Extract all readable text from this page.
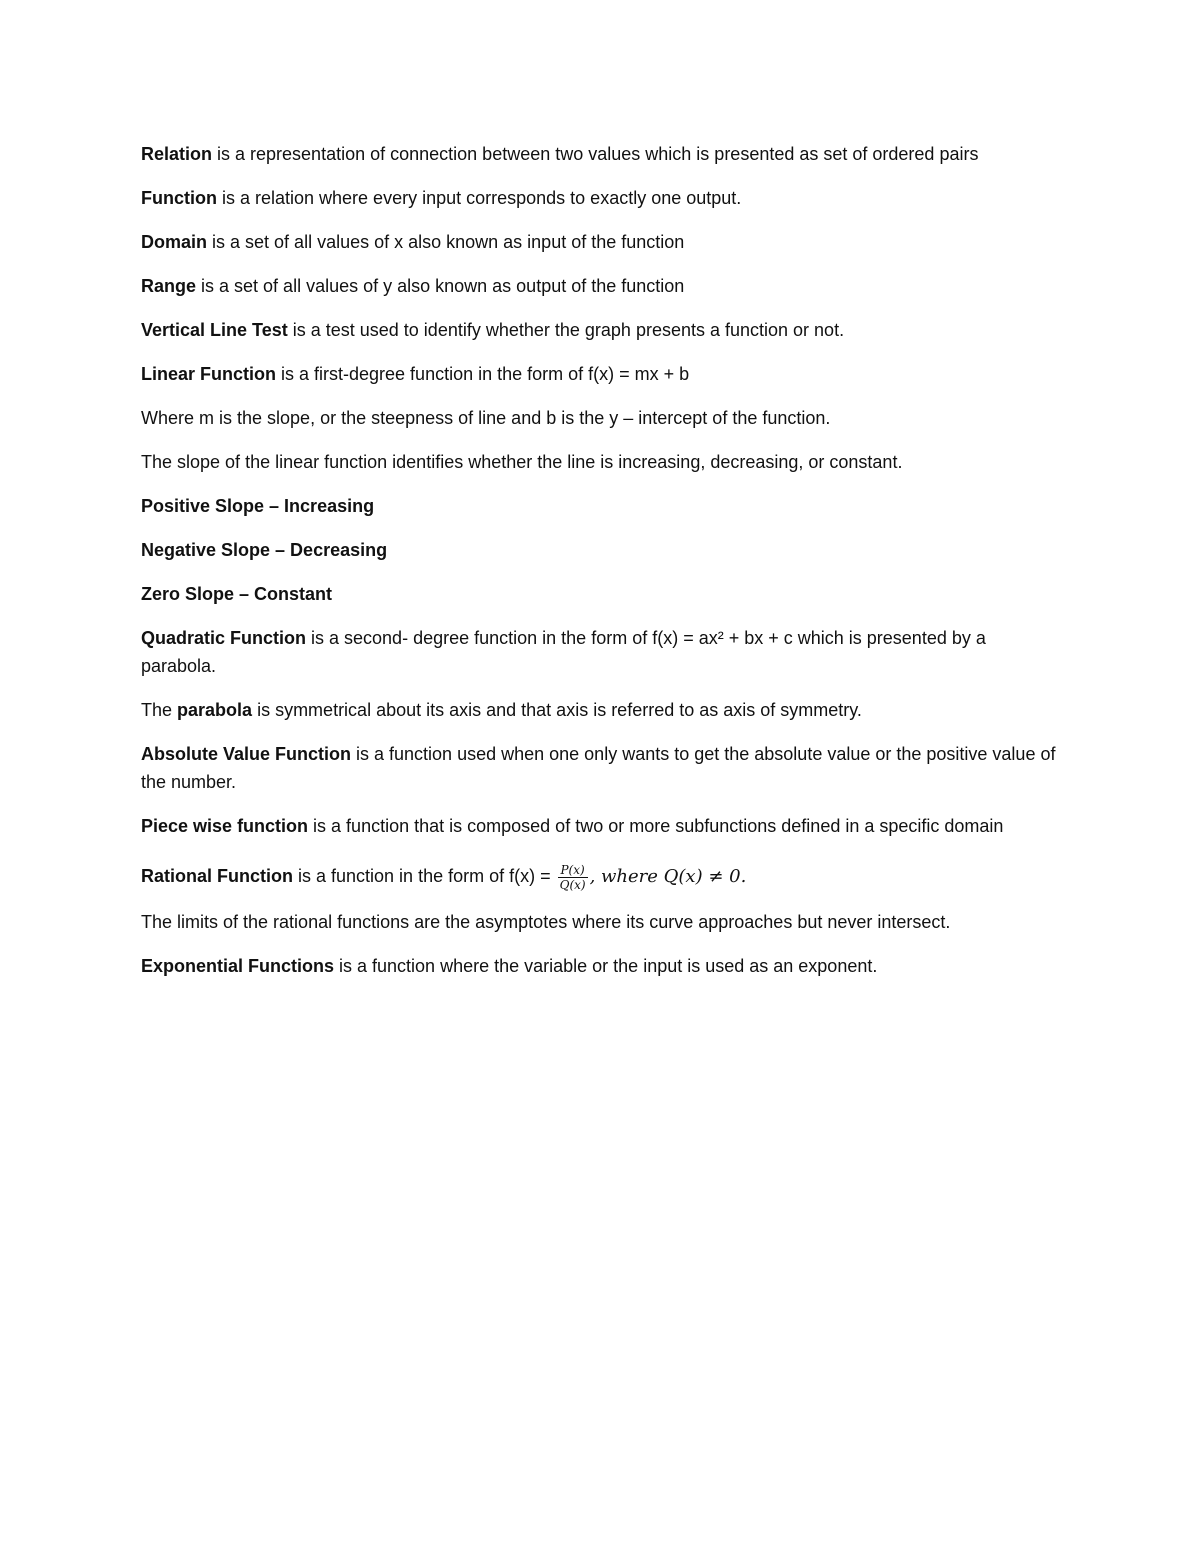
Relation is a representation of connection between two values which is presented as set of ordered pairs

Function is a relation where every input corresponds to exactly one output.

Domain is a set of all values of x also known as input of the function

Range is a set of all values of y also known as output of the function

Vertical Line Test is a test used to identify whether the graph presents a function or not.

Linear Function is a first-degree function in the form of f(x) = mx + b

Where m is the slope, or the steepness of line and b is the y – intercept of the function.

The slope of the linear function identifies whether the line is increasing, decreasing, or constant.

Positive Slope – Increasing

Negative Slope – Decreasing

Zero Slope – Constant

Quadratic Function is a second- degree function in the form of f(x) = ax² + bx + c which is presented by a parabola.

The parabola is symmetrical about its axis and that axis is referred to as axis of symmetry.

Absolute Value Function is a function used when one only wants to get the absolute value or the positive value of the number.

Piece wise function is a function that is composed of two or more subfunctions defined in a specific domain

Rational Function is a function in the form of $f(x) = \frac{P(x)}{Q(x)}$ , where Q(x) ≠ 0.

The limits of the rational functions are the asymptotes where its curve approaches but never intersect.

Exponential Functions is a function where the variable or the input is used as an exponent.
